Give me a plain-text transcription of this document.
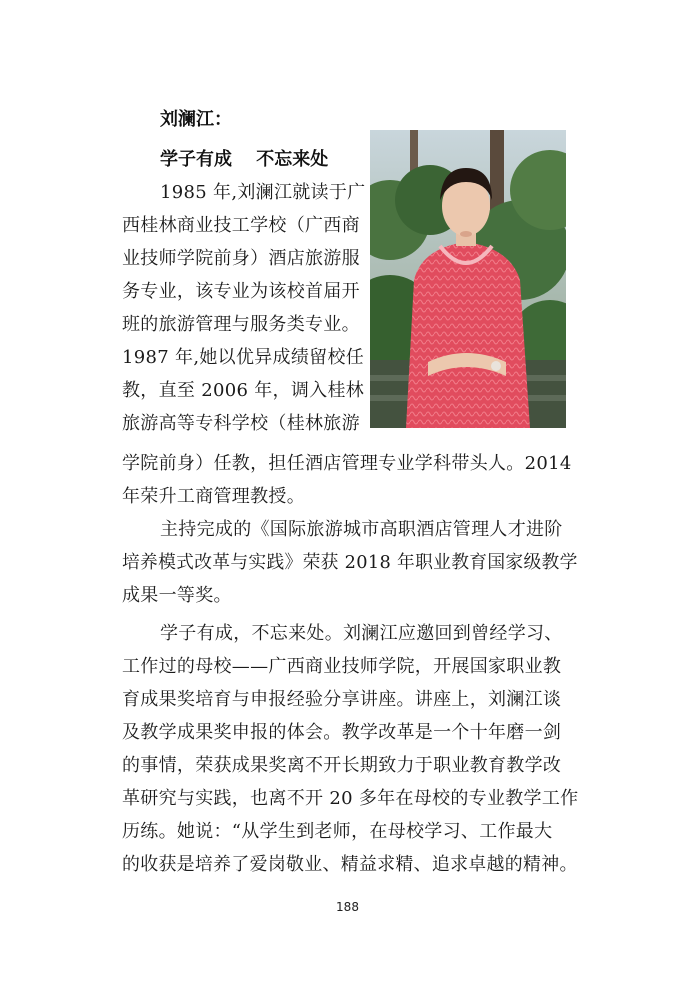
刘澜江：
学子有成　 不忘来处
1985 年,刘澜江就读于广
西桂林商业技工学校（广西商
业技师学院前身）酒店旅游服
务专业，该专业为该校首届开
班的旅游管理与服务类专业。
1987 年,她以优异成绩留校任
教，直至 2006 年，调入桂林
旅游高等专科学校（桂林旅游
学院前身）任教，担任酒店管理专业学科带头人。2014
年荣升工商管理教授。
主持完成的《国际旅游城市高职酒店管理人才进阶
培养模式改革与实践》荣获 2018 年职业教育国家级教学
成果一等奖。
学子有成，不忘来处。刘澜江应邀回到曾经学习、
工作过的母校——广西商业技师学院，开展国家职业教
育成果奖培育与申报经验分享讲座。讲座上，刘澜江谈
及教学成果奖申报的体会。教学改革是一个十年磨一剑
的事情，荣获成果奖离不开长期致力于职业教育教学改
革研究与实践，也离不开 20 多年在母校的专业教学工作
历练。她说：“从学生到老师，在母校学习、工作最大
的收获是培养了爱岗敬业、精益求精、追求卓越的精神。
188
